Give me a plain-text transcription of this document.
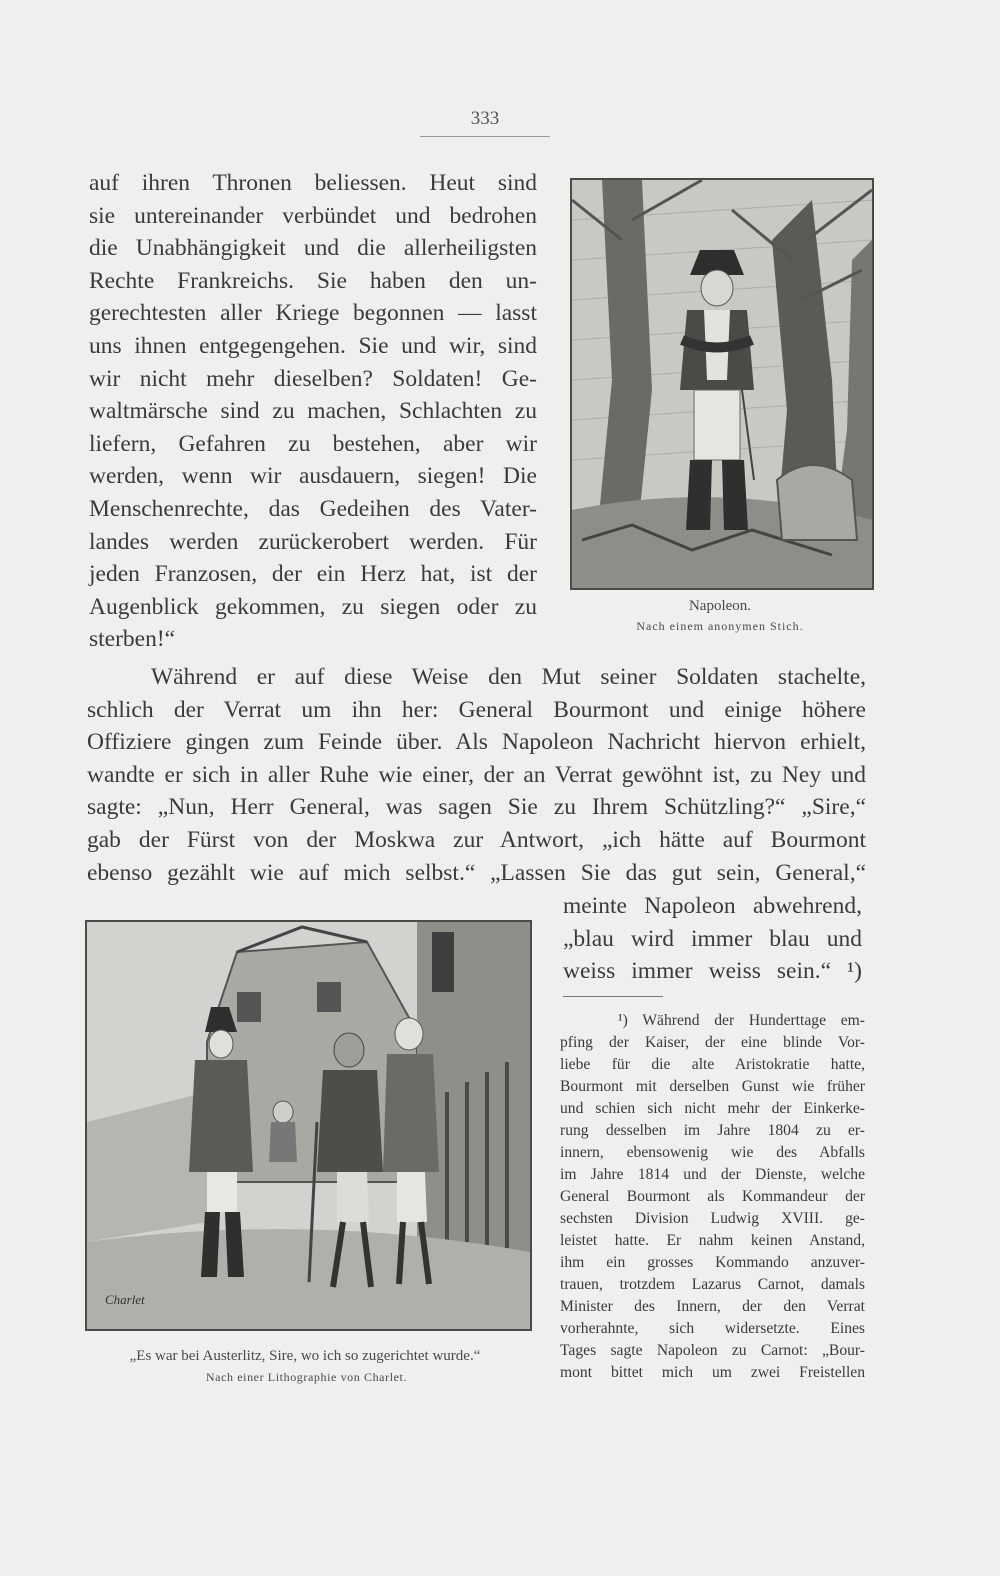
333
auf ihren Thronen beliessen. Heut sind
sie untereinander verbündet und bedrohen
die Unabhängigkeit und die allerheiligsten
Rechte Frankreichs. Sie haben den un-
gerechtesten aller Kriege begonnen — lasst
uns ihnen entgegengehen. Sie und wir, sind
wir nicht mehr dieselben? Soldaten! Ge-
waltmärsche sind zu machen, Schlachten zu
liefern, Gefahren zu bestehen, aber wir
werden, wenn wir ausdauern, siegen! Die
Menschenrechte, das Gedeihen des Vater-
landes werden zurückerobert werden. Für
jeden Franzosen, der ein Herz hat, ist der
Augenblick gekommen, zu siegen oder zu
sterben!“
Während er auf diese Weise den Mut seiner Soldaten stachelte,
schlich der Verrat um ihn her: General Bourmont und einige höhere
Offiziere gingen zum Feinde über. Als Napoleon Nachricht hiervon erhielt,
wandte er sich in aller Ruhe wie einer, der an Verrat gewöhnt ist, zu Ney und
sagte: „Nun, Herr General, was sagen Sie zu Ihrem Schützling?“ „Sire,“
gab der Fürst von der Moskwa zur Antwort, „ich hätte auf Bourmont
ebenso gezählt wie auf mich selbst.“ „Lassen Sie das gut sein, General,“
meinte Napoleon abwehrend,
„blau wird immer blau und
weiss immer weiss sein.“ ¹)
Napoleon.
Nach einem anonymen Stich.
Charlet
„Es war bei Austerlitz, Sire, wo ich so zugerichtet wurde.“
Nach einer Lithographie von Charlet.
¹) Während der Hunderttage em-
pfing der Kaiser, der eine blinde Vor-
liebe für die alte Aristokratie hatte,
Bourmont mit derselben Gunst wie früher
und schien sich nicht mehr der Einkerke-
rung desselben im Jahre 1804 zu er-
innern, ebensowenig wie des Abfalls
im Jahre 1814 und der Dienste, welche
General Bourmont als Kommandeur der
sechsten Division Ludwig XVIII. ge-
leistet hatte. Er nahm keinen Anstand,
ihm ein grosses Kommando anzuver-
trauen, trotzdem Lazarus Carnot, damals
Minister des Innern, der den Verrat
vorherahnte, sich widersetzte. Eines
Tages sagte Napoleon zu Carnot: „Bour-
mont bittet mich um zwei Freistellen
